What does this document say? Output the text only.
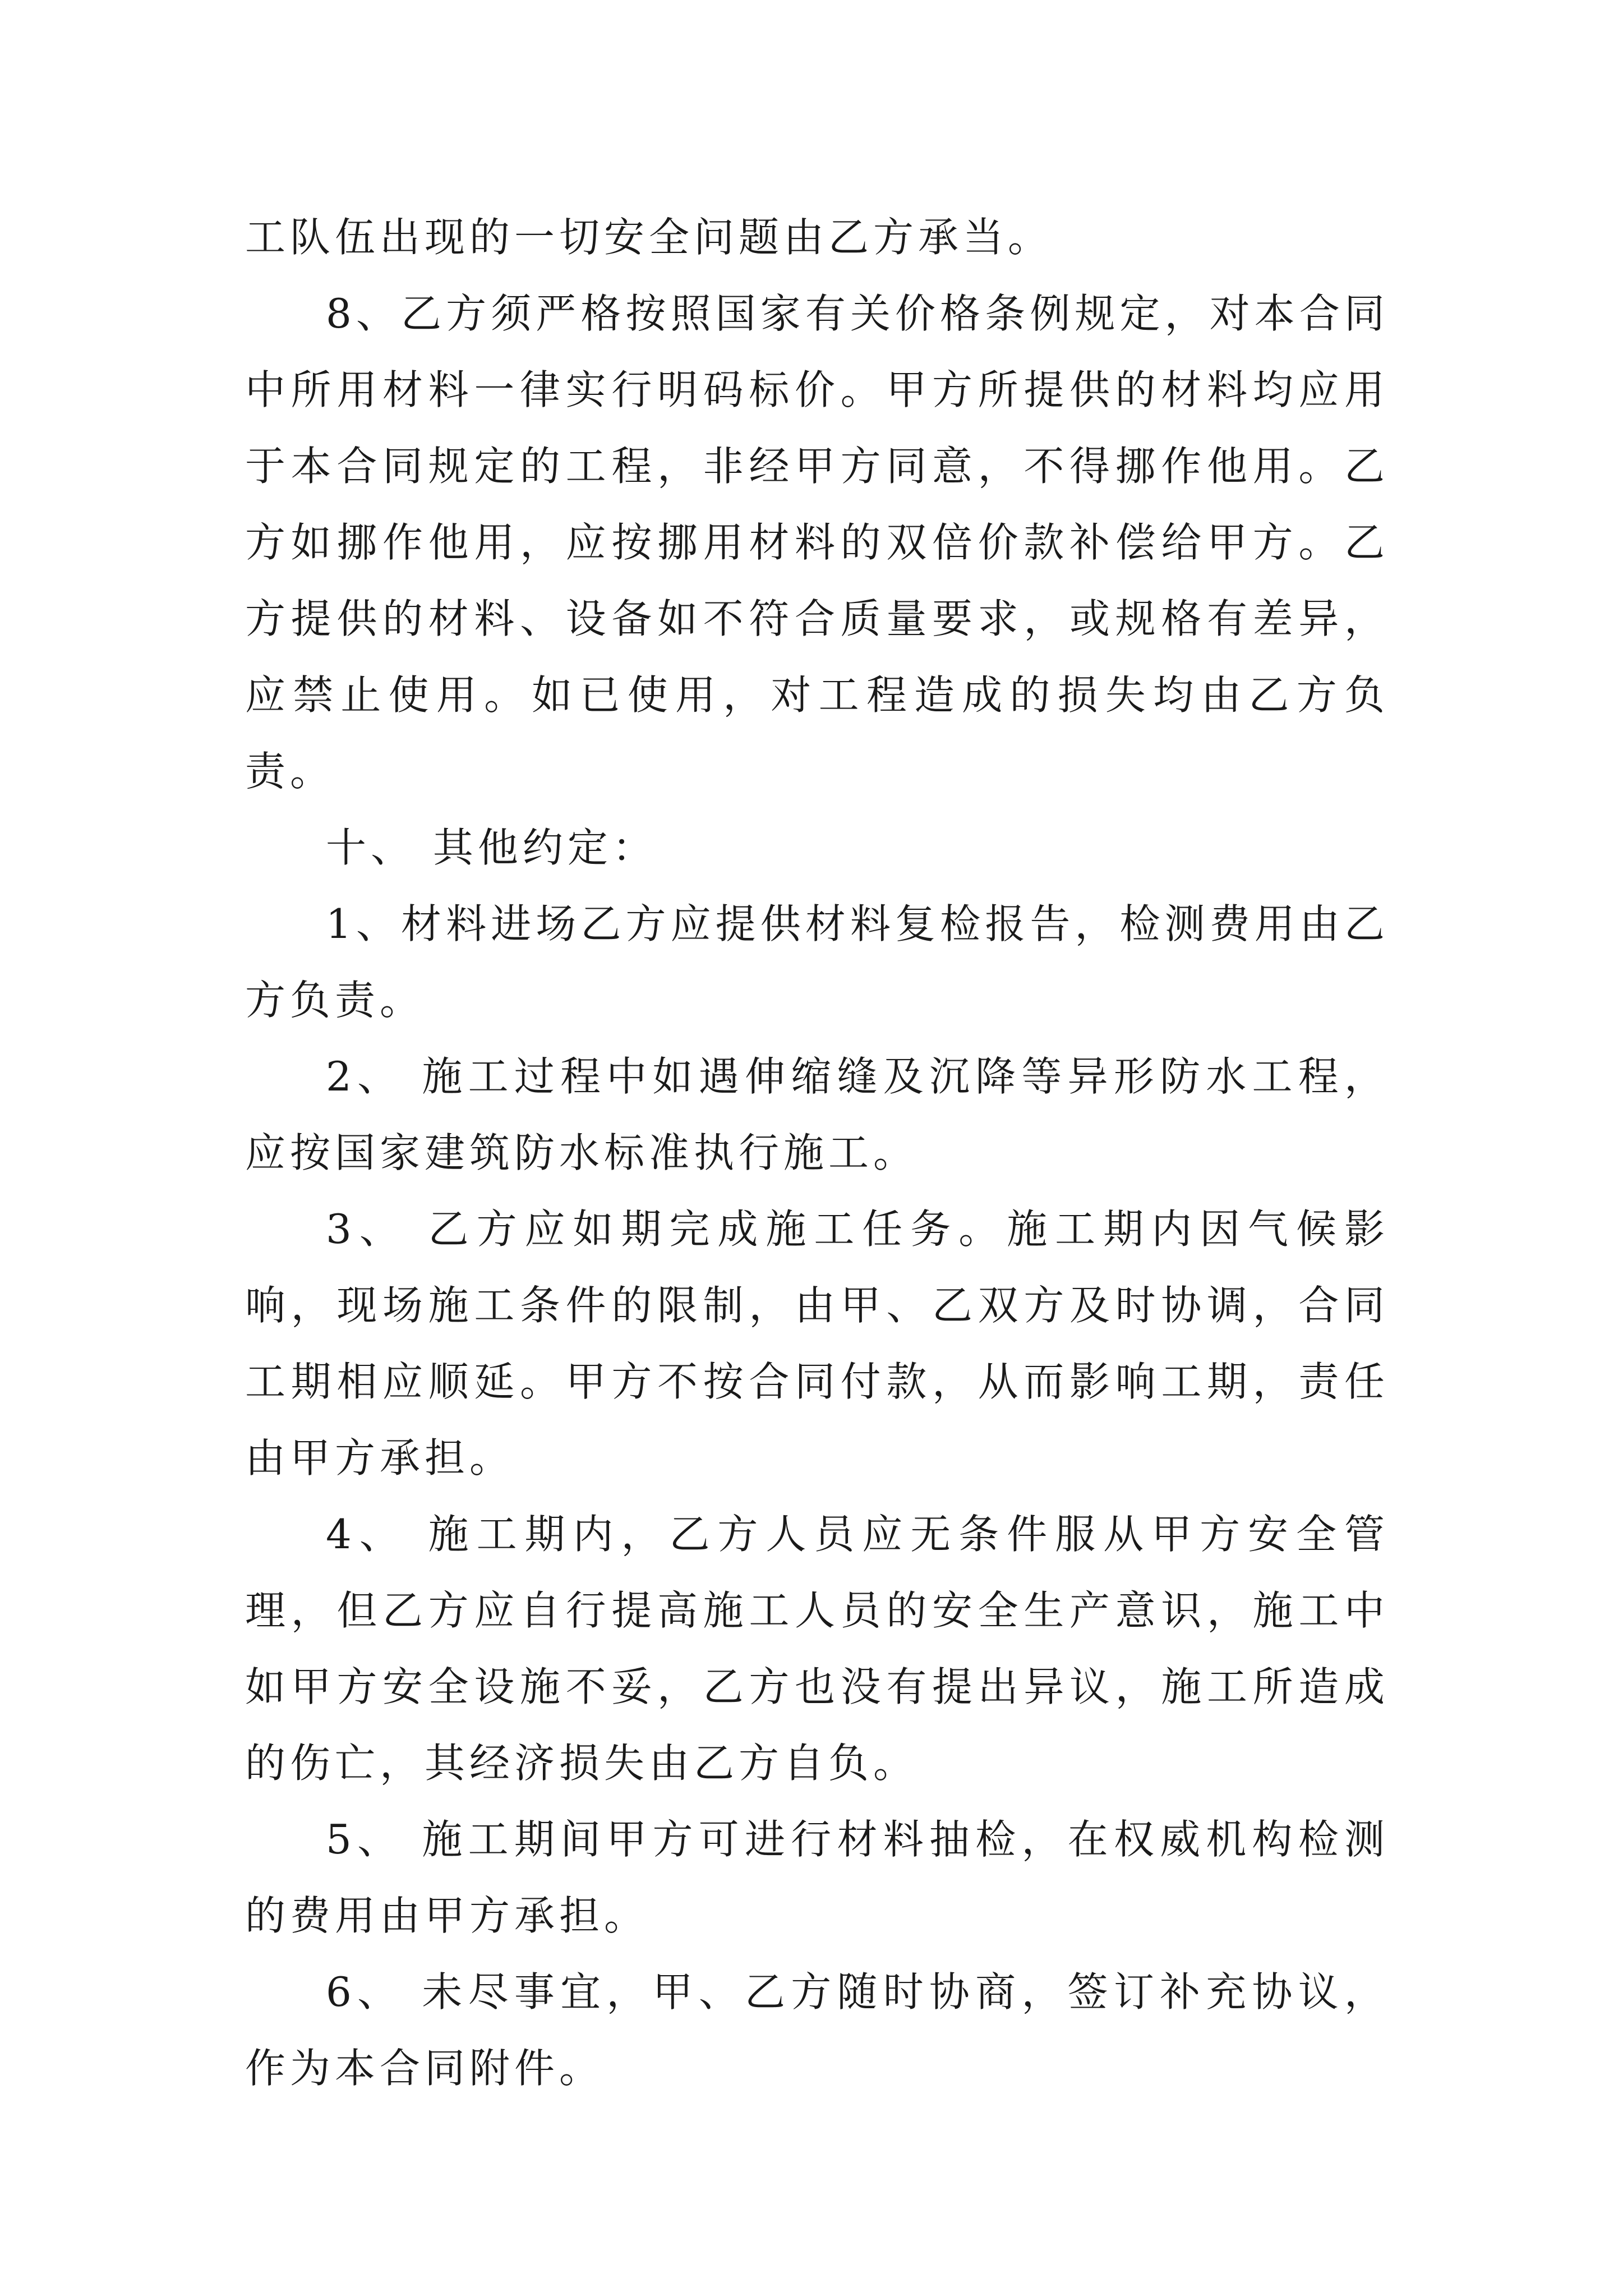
工队伍出现的一切安全问题由乙方承当。

8、乙方须严格按照国家有关价格条例规定，对本合同中所用材料一律实行明码标价。甲方所提供的材料均应用于本合同规定的工程，非经甲方同意，不得挪作他用。乙方如挪作他用，应按挪用材料的双倍价款补偿给甲方。乙方提供的材料、设备如不符合质量要求，或规格有差异，应禁止使用。如已使用，对工程造成的损失均由乙方负责。

十、 其他约定：

1、材料进场乙方应提供材料复检报告，检测费用由乙方负责。

2、 施工过程中如遇伸缩缝及沉降等异形防水工程，应按国家建筑防水标准执行施工。

3、 乙方应如期完成施工任务。施工期内因气候影响，现场施工条件的限制，由甲、乙双方及时协调，合同工期相应顺延。甲方不按合同付款，从而影响工期，责任由甲方承担。

4、 施工期内，乙方人员应无条件服从甲方安全管理，但乙方应自行提高施工人员的安全生产意识，施工中如甲方安全设施不妥，乙方也没有提出异议，施工所造成的伤亡，其经济损失由乙方自负。

5、 施工期间甲方可进行材料抽检，在权威机构检测的费用由甲方承担。

6、 未尽事宜，甲、乙方随时协商，签订补充协议，作为本合同附件。
